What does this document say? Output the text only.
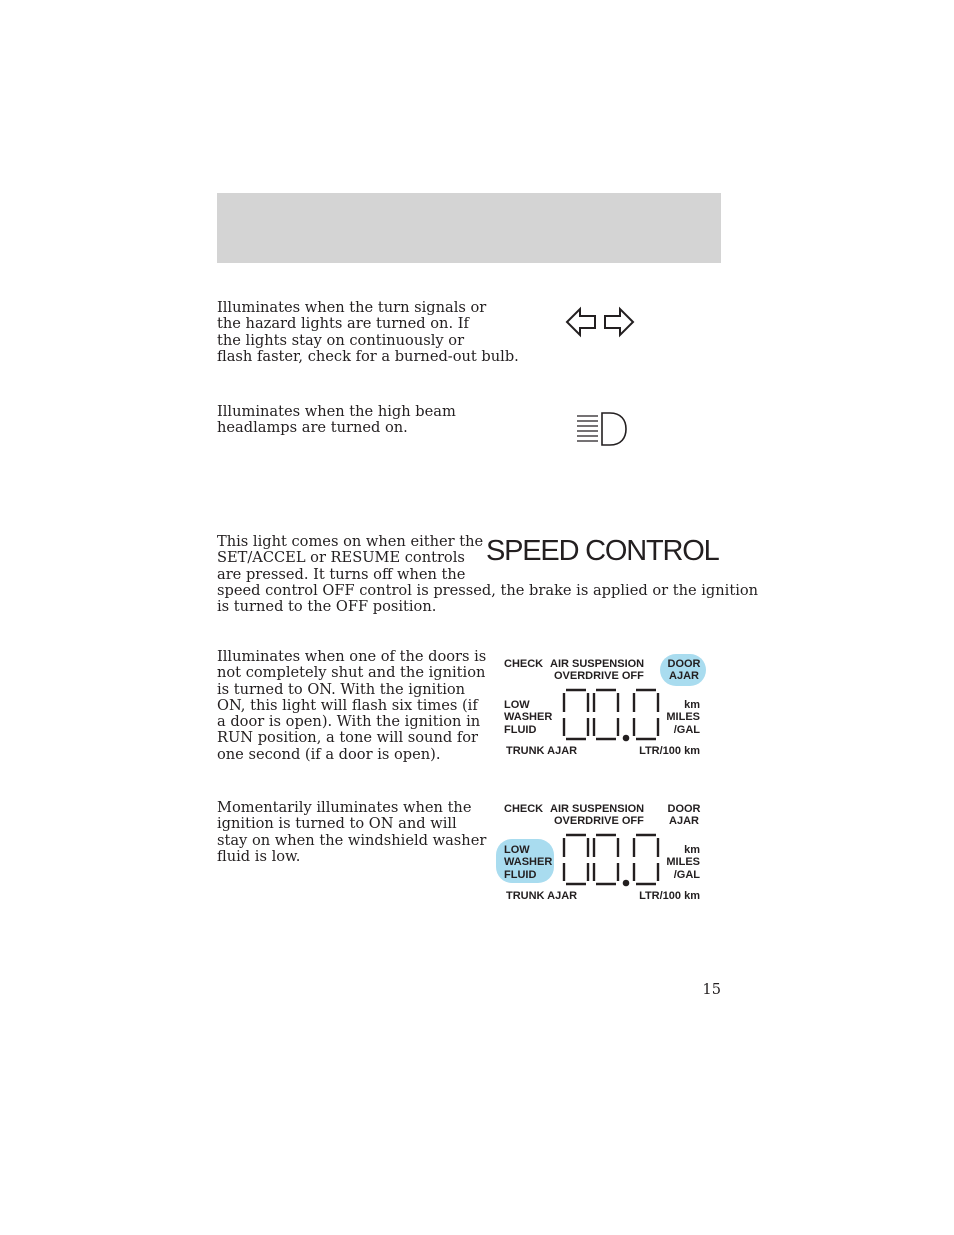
Illuminates when the turn signals or
the hazard lights are turned on. If
the lights stay on continuously or
flash faster, check for a burned-out bulb.

Illuminates when the high beam
headlamps are turned on.

This light comes on when either the
SET/ACCEL or RESUME controls
are pressed. It turns off when the

SPEED CONTROL

speed control OFF control is pressed, the brake is applied or the ignition
is turned to the OFF position.

Illuminates when one of the doors is
not completely shut and the ignition
is turned to ON. With the ignition
ON, this light will flash six times (if
a door is open). With the ignition in
RUN position, a tone will sound for
one second (if a door is open).

CHECK AIR SUSPENSION
OVERDRIVE OFF
DOOR
AJAR
LOW
WASHER
FLUID
km
MILES
/GAL
TRUNK AJAR	LTR/100 km

Momentarily illuminates when the
ignition is turned to ON and will
stay on when the windshield washer
fluid is low.

CHECK AIR SUSPENSION
OVERDRIVE OFF
DOOR
AJAR
LOW
WASHER
FLUID
km
MILES
/GAL
TRUNK AJAR	LTR/100 km
15
